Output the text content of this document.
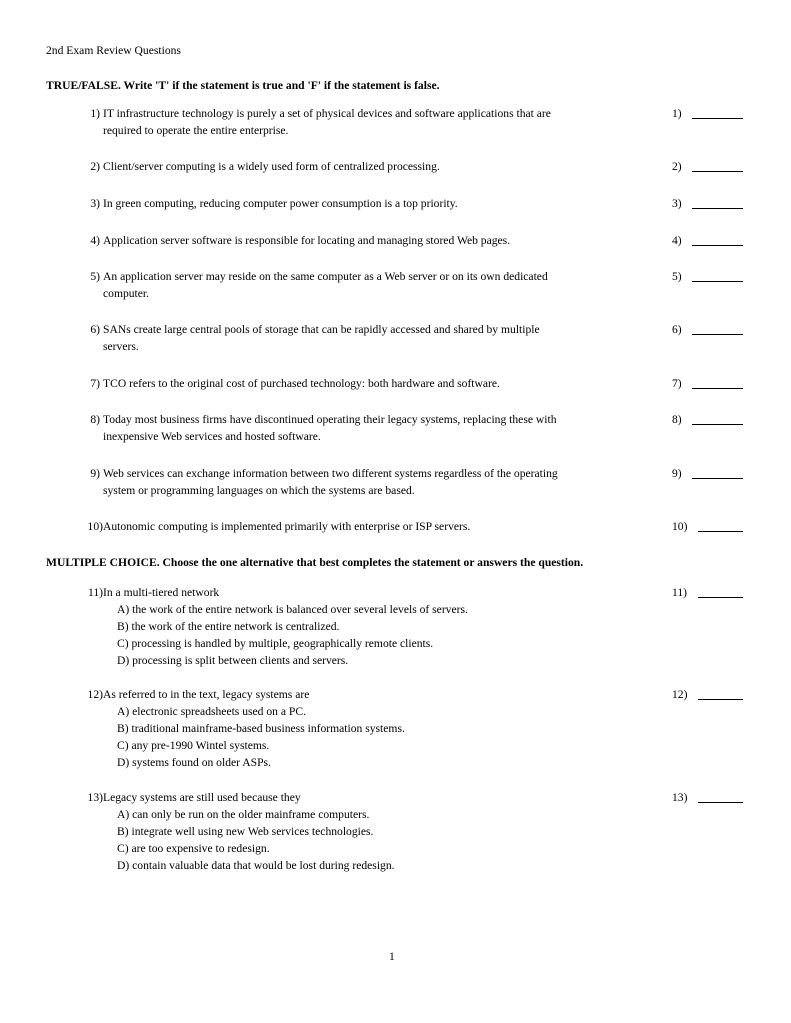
2nd Exam Review Questions
TRUE/FALSE. Write 'T' if the statement is true and 'F' if the statement is false.
1) IT infrastructure technology is purely a set of physical devices and software applications that are
required to operate the entire enterprise.
1)
2) Client/server computing is a widely used form of centralized processing.	2)
3) In green computing, reducing computer power consumption is a top priority.	3)
4) Application server software is responsible for locating and managing stored Web pages.	4)
5) An application server may reside on the same computer as a Web server or on its own dedicated
computer.
5)
6) SANs create large central pools of storage that can be rapidly accessed and shared by multiple
servers.
6)
7) TCO refers to the original cost of purchased technology: both hardware and software.	7)
8) Today most business firms have discontinued operating their legacy systems, replacing these with
inexpensive Web services and hosted software.
8)
9) Web services can exchange information between two different systems regardless of the operating
system or programming languages on which the systems are based.
9)
10) Autonomic computing is implemented primarily with enterprise or ISP servers.	10)
MULTIPLE CHOICE. Choose the one alternative that best completes the statement or answers the question.
11) In a multi-tiered network
A) the work of the entire network is balanced over several levels of servers.
B) the work of the entire network is centralized.
C) processing is handled by multiple, geographically remote clients.
D) processing is split between clients and servers.
11)
12) As referred to in the text, legacy systems are
A) electronic spreadsheets used on a PC.
B) traditional mainframe-based business information systems.
C) any pre-1990 Wintel systems.
D) systems found on older ASPs.
12)
13) Legacy systems are still used because they
A) can only be run on the older mainframe computers.
B) integrate well using new Web services technologies.
C) are too expensive to redesign.
D) contain valuable data that would be lost during redesign.
13)
1
